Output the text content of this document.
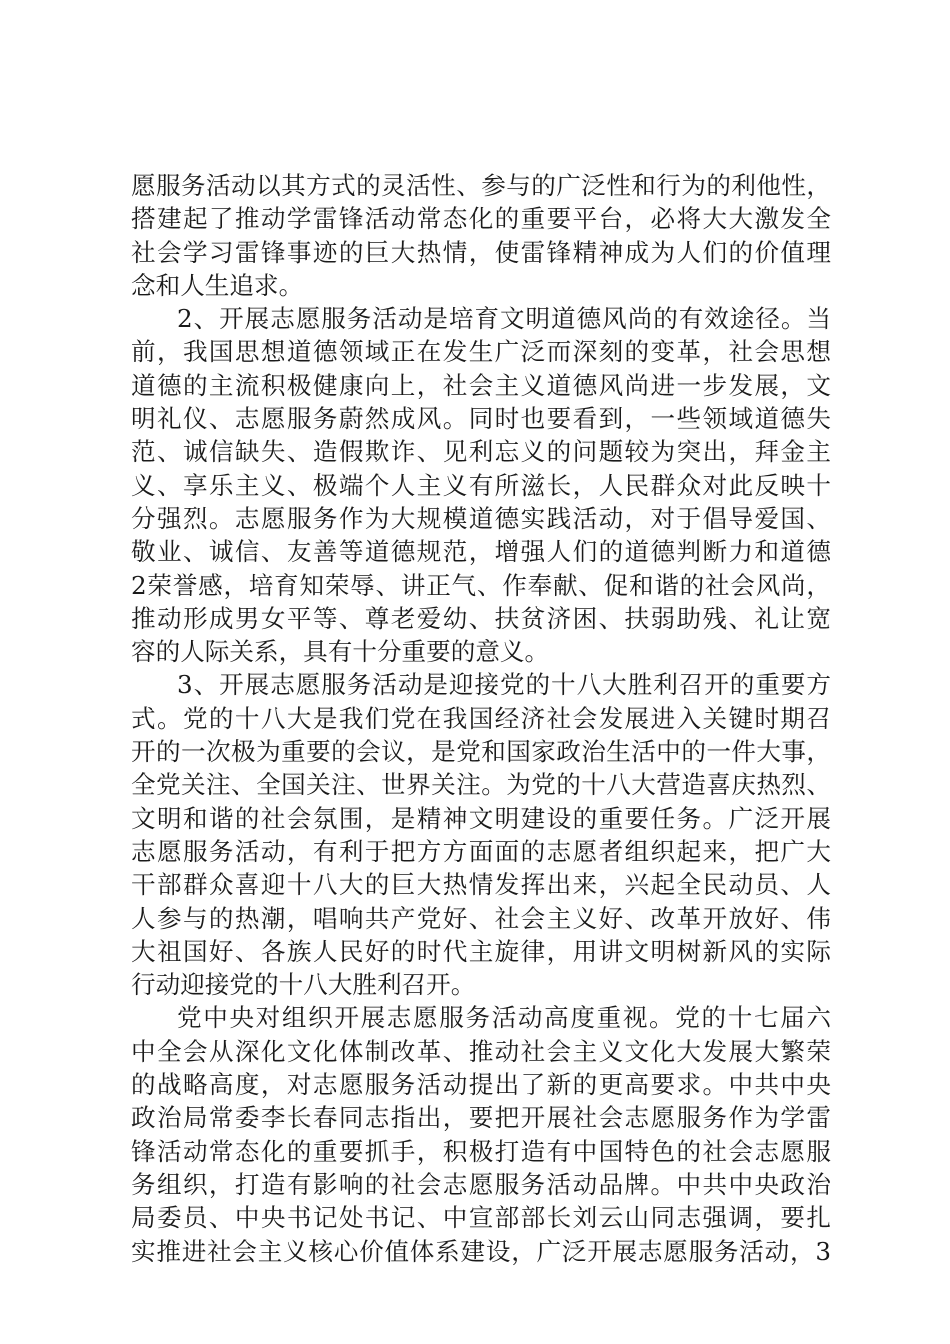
愿服务活动以其方式的灵活性、参与的广泛性和行为的利他性，
搭建起了推动学雷锋活动常态化的重要平台，必将大大激发全
社会学习雷锋事迹的巨大热情，使雷锋精神成为人们的价值理
念和人生追求。
2、开展志愿服务活动是培育文明道德风尚的有效途径。当
前，我国思想道德领域正在发生广泛而深刻的变革，社会思想
道德的主流积极健康向上，社会主义道德风尚进一步发展，文
明礼仪、志愿服务蔚然成风。同时也要看到，一些领域道德失
范、诚信缺失、造假欺诈、见利忘义的问题较为突出，拜金主
义、享乐主义、极端个人主义有所滋长，人民群众对此反映十
分强烈。志愿服务作为大规模道德实践活动，对于倡导爱国、
敬业、诚信、友善等道德规范，增强人们的道德判断力和道德
2荣誉感，培育知荣辱、讲正气、作奉献、促和谐的社会风尚，
推动形成男女平等、尊老爱幼、扶贫济困、扶弱助残、礼让宽
容的人际关系，具有十分重要的意义。
3、开展志愿服务活动是迎接党的十八大胜利召开的重要方
式。党的十八大是我们党在我国经济社会发展进入关键时期召
开的一次极为重要的会议，是党和国家政治生活中的一件大事，
全党关注、全国关注、世界关注。为党的十八大营造喜庆热烈、
文明和谐的社会氛围，是精神文明建设的重要任务。广泛开展
志愿服务活动，有利于把方方面面的志愿者组织起来，把广大
干部群众喜迎十八大的巨大热情发挥出来，兴起全民动员、人
人参与的热潮，唱响共产党好、社会主义好、改革开放好、伟
大祖国好、各族人民好的时代主旋律，用讲文明树新风的实际
行动迎接党的十八大胜利召开。
党中央对组织开展志愿服务活动高度重视。党的十七届六
中全会从深化文化体制改革、推动社会主义文化大发展大繁荣
的战略高度，对志愿服务活动提出了新的更高要求。中共中央
政治局常委李长春同志指出，要把开展社会志愿服务作为学雷
锋活动常态化的重要抓手，积极打造有中国特色的社会志愿服
务组织，打造有影响的社会志愿服务活动品牌。中共中央政治
局委员、中央书记处书记、中宣部部长刘云山同志强调，要扎
实推进社会主义核心价值体系建设，广泛开展志愿服务活动，3
